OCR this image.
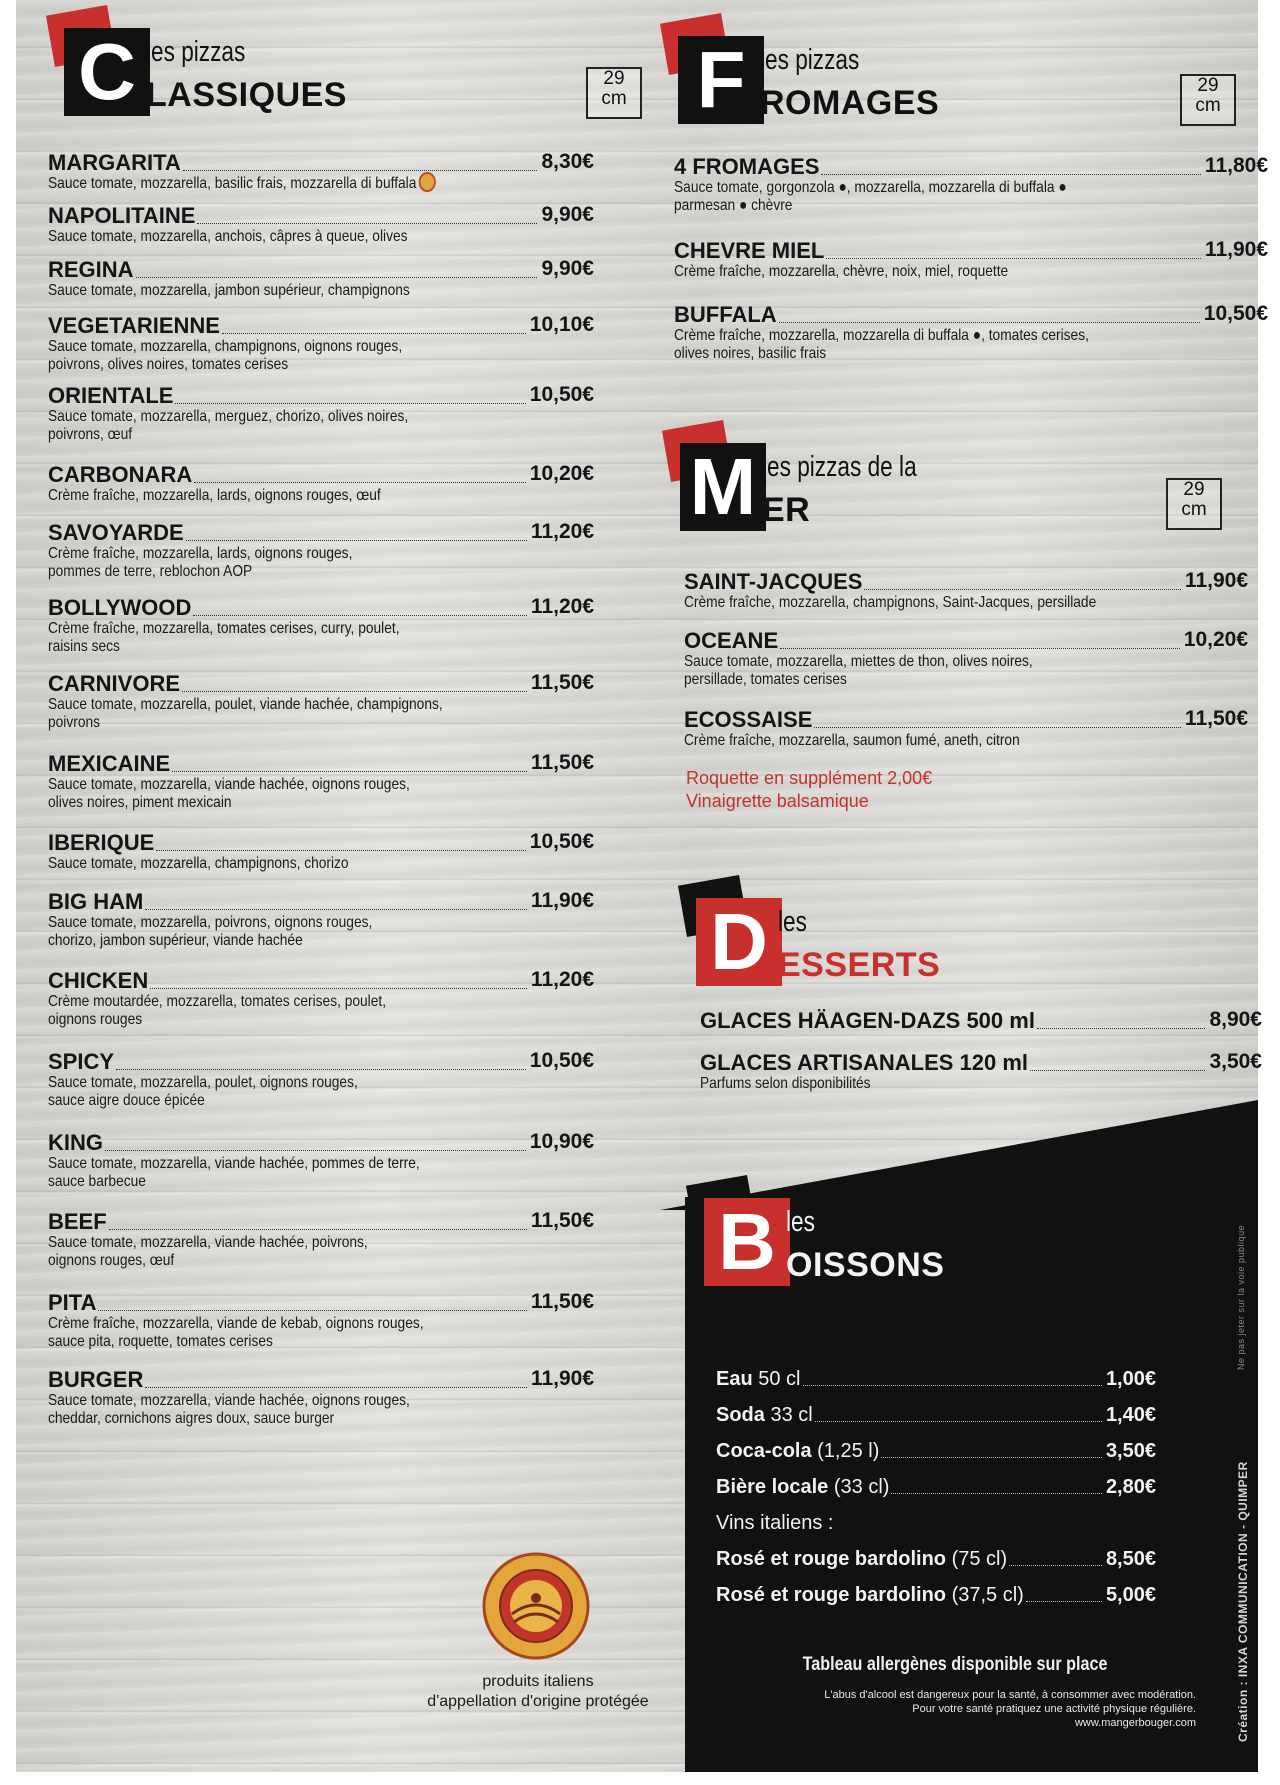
C les pizzas
LASSIQUES	29
cm F les pizzas
ROMAGES	29
cm
M les pizzas de la
ER
29
cm
D les
ESSERTS
Roquette en supplément 2,00€
Vinaigrette balsamique
produits italiens
d'appellation d'origine protégée
MARGARITA	8,30€
Sauce tomate, mozzarella, basilic frais, mozzarella di buffala
NAPOLITAINE	9,90€
Sauce tomate, mozzarella, anchois, câpres à queue, olives
REGINA	9,90€
Sauce tomate, mozzarella, jambon supérieur, champignons
VEGETARIENNE	10,10€
Sauce tomate, mozzarella, champignons, oignons rouges,
poivrons, olives noires, tomates cerises
ORIENTALE	10,50€
Sauce tomate, mozzarella, merguez, chorizo, olives noires,
poivrons, œuf
CARBONARA	10,20€
Crème fraîche, mozzarella, lards, oignons rouges, œuf
SAVOYARDE	11,20€
Crème fraîche, mozzarella, lards, oignons rouges,
pommes de terre, reblochon AOP
BOLLYWOOD	11,20€
Crème fraîche, mozzarella, tomates cerises, curry, poulet,
raisins secs
CARNIVORE	11,50€
Sauce tomate, mozzarella, poulet, viande hachée, champignons,
poivrons
MEXICAINE	11,50€
Sauce tomate, mozzarella, viande hachée, oignons rouges,
olives noires, piment mexicain
IBERIQUE	10,50€
Sauce tomate, mozzarella, champignons, chorizo
BIG HAM	11,90€
Sauce tomate, mozzarella, poivrons, oignons rouges,
chorizo, jambon supérieur, viande hachée
CHICKEN	11,20€
Crème moutardée, mozzarella, tomates cerises, poulet,
oignons rouges
SPICY	10,50€
Sauce tomate, mozzarella, poulet, oignons rouges,
sauce aigre douce épicée
KING	10,90€
Sauce tomate, mozzarella, viande hachée, pommes de terre,
sauce barbecue
BEEF	11,50€
Sauce tomate, mozzarella, viande hachée, poivrons,
oignons rouges, œuf
PITA	11,50€
Crème fraîche, mozzarella, viande de kebab, oignons rouges,
sauce pita, roquette, tomates cerises
BURGER	11,90€
Sauce tomate, mozzarella, viande hachée, oignons rouges,
cheddar, cornichons aigres doux, sauce burger
4 FROMAGES	11,80€
Sauce tomate, gorgonzola ●, mozzarella, mozzarella di buffala ●
parmesan ● chèvre
CHEVRE MIEL	11,90€
Crème fraîche, mozzarella, chèvre, noix, miel, roquette
BUFFALA	10,50€
Crème fraîche, mozzarella, mozzarella di buffala ●, tomates cerises,
olives noires, basilic frais
SAINT-JACQUES	11,90€
Crème fraîche, mozzarella, champignons, Saint-Jacques, persillade
OCEANE	10,20€
Sauce tomate, mozzarella, miettes de thon, olives noires,
persillade, tomates cerises
ECOSSAISE	11,50€
Crème fraîche, mozzarella, saumon fumé, aneth, citron
GLACES HÄAGEN-DAZS 500 ml	8,90€
GLACES ARTISANALES 120 ml	3,50€
Parfums selon disponibilités
B les
OISSONS
Eau 50 cl	1,00€
Soda 33 cl	1,40€
Coca-cola (1,25 l)	3,50€
Bière locale (33 cl)	2,80€
Vins italiens :
Rosé et rouge bardolino (75 cl)	8,50€
Rosé et rouge bardolino (37,5 cl)	5,00€
Tableau allergènes disponible sur place
L'abus d'alcool est dangereux pour la santé, à consommer avec modération.
Pour votre santé pratiquez une activité physique régulière.
www.mangerbouger.com	Création : INXA COMMUNICATION - QUIMPER
Ne pas jeter sur la voie publique
